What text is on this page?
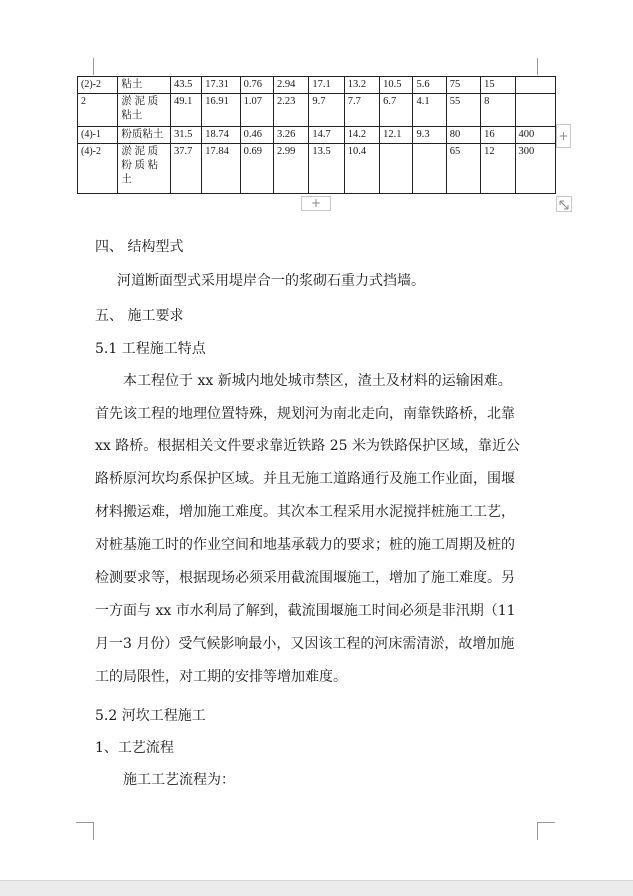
(2)-2	粘土	43.5	17.31	0.76	2.94	17.1	13.2	10.5	5.6	75	15	
2	淤 泥 质 粘土	49.1	16.91	1.07	2.23	9.7	7.7	6.7	4.1	55	8	
(4)-1	粉质粘土	31.5	18.74	0.46	3.26	14.7	14.2	12.1	9.3	80	16	400
(4)-2	淤 泥 质 粉 质 粘 土	37.7	17.84	0.69	2.99	13.5	10.4			65	12	300
+
+
四、 结构型式
河道断面型式采用堤岸合一的浆砌石重力式挡墙。
五、 施工要求
5.1 工程施工特点
本工程位于 xx 新城内地处城市禁区，渣土及材料的运输困难。
首先该工程的地理位置特殊，规划河为南北走向，南靠铁路桥，北靠
xx 路桥。根据相关文件要求靠近铁路 25 米为铁路保护区域，靠近公
路桥原河坎均系保护区域。并且无施工道路通行及施工作业面，围堰
材料搬运难，增加施工难度。其次本工程采用水泥搅拌桩施工工艺，
对桩基施工时的作业空间和地基承载力的要求；桩的施工周期及桩的
检测要求等，根据现场必须采用截流围堰施工，增加了施工难度。另
一方面与 xx 市水利局了解到，截流围堰施工时间必须是非汛期（11
月一3 月份）受气候影响最小，又因该工程的河床需清淤，故增加施
工的局限性，对工期的安排等增加难度。
5.2 河坎工程施工
1、工艺流程
施工工艺流程为：
